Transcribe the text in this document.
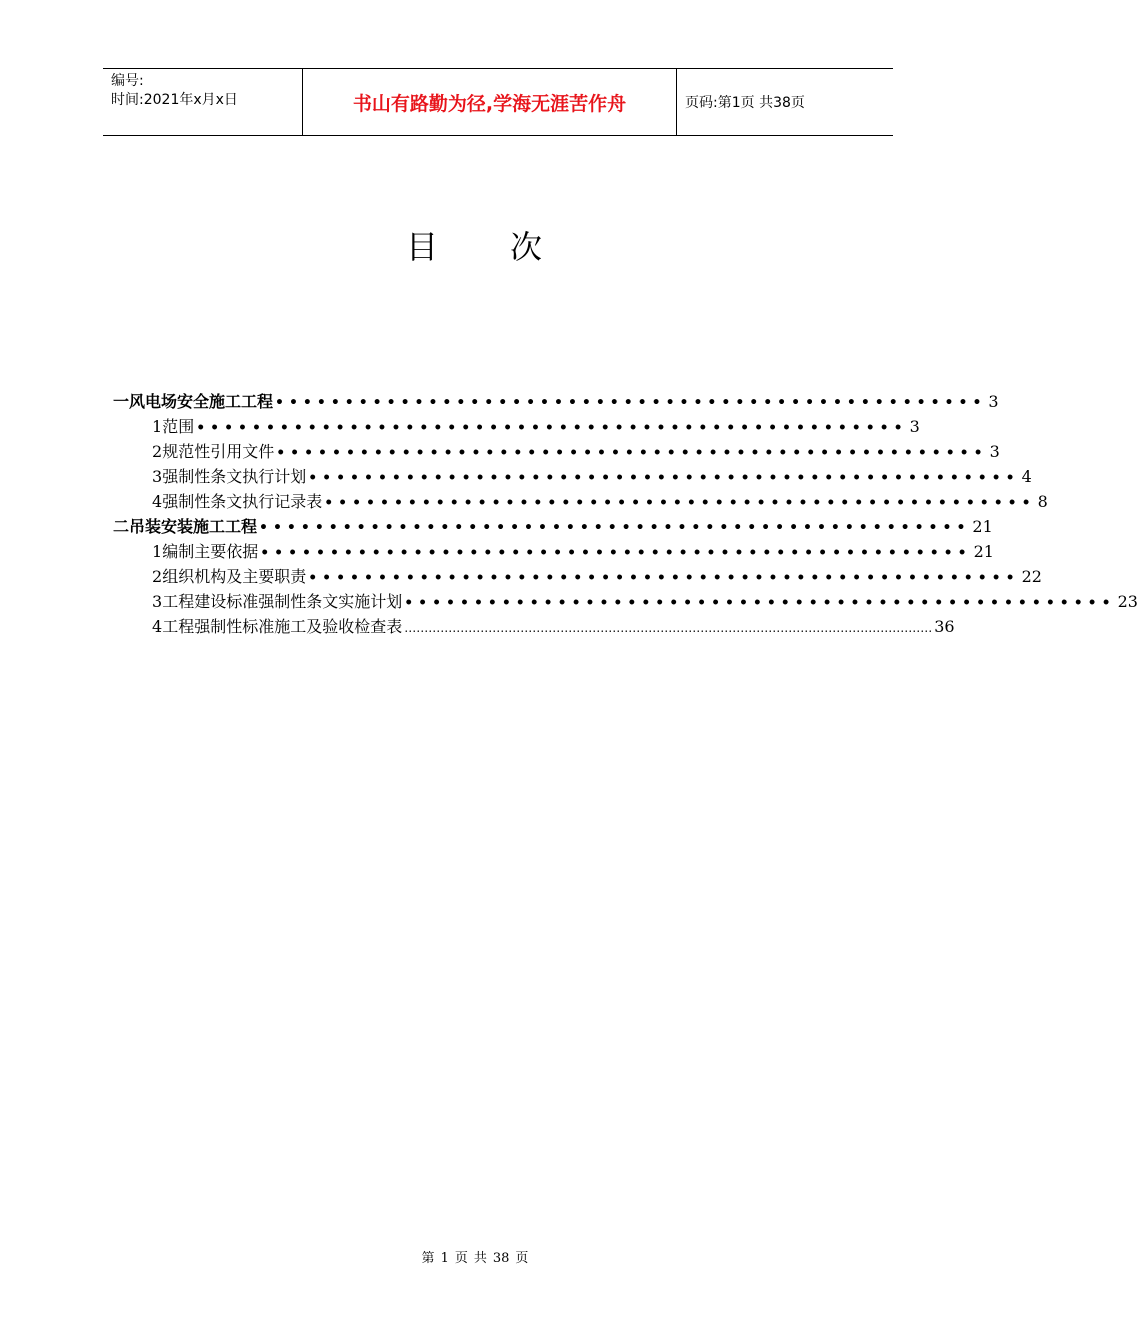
编号:
时间:2021年x月x日	书山有路勤为径,学海无涯苦作舟	页码:第1页 共38页
目 次
一 风电场安全施工工程 ••••••••••••••••••••••••••••••••••••••••••••••••••• 3
1 范围 ••••••••••••••••••••••••••••••••••••••••••••••••••• 3
2 规范性引用文件 ••••••••••••••••••••••••••••••••••••••••••••••••••• 3
3 强制性条文执行计划 ••••••••••••••••••••••••••••••••••••••••••••••••••• 4
4 强制性条文执行记录表 ••••••••••••••••••••••••••••••••••••••••••••••••••• 8
二 吊装安装施工工程 ••••••••••••••••••••••••••••••••••••••••••••••••••• 21
1 编制主要依据 ••••••••••••••••••••••••••••••••••••••••••••••••••• 21
2 组织机构及主要职责 ••••••••••••••••••••••••••••••••••••••••••••••••••• 22
3 工程建设标准强制性条文实施计划 ••••••••••••••••••••••••••••••••••••••••••••••••••• 23
4 工程强制性标准施工及验收检查表 …………………………………………………………………………………………………………………… 36
第 1 页 共 38 页
